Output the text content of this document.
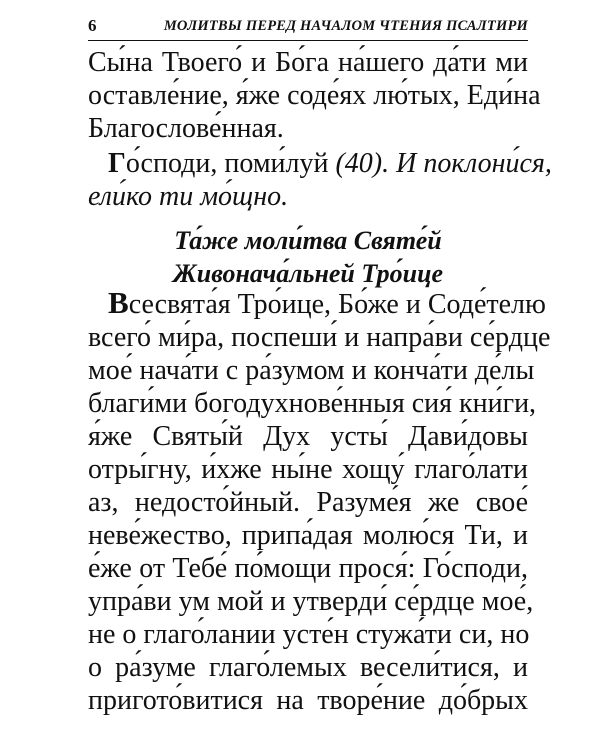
6	МОЛИТВЫ ПЕРЕД НАЧАЛОМ ЧТЕНИЯ ПСАЛТИРИ
Сы́на Твоего́ и Бо́га на́шего да́ти ми
оставле́ние, я́же соде́ях лю́тых, Еди́на
Благослове́нная.
Го́споди, поми́луй (40). И поклони́ся,
ели́ко ти мо́щно.
Та́же моли́тва Святе́й
Живонача́льней Тро́ице
Всесвята́я Тро́ице, Бо́же и Соде́телю
всего́ ми́ра, поспеши́ и напра́ви се́рдце
мое́ нача́ти с ра́зумом и конча́ти де́лы
благи́ми богодухнове́нныя сия́ кни́ги,
я́же Святы́й Дух усты́ Дави́довы
отры́гну, и́хже ны́не хощу́ глаго́лати
аз, недосто́йный. Разуме́я же свое́
неве́жество, припа́дая молю́ся Ти, и
е́же от Тебе́ по́мощи прося́: Го́споди,
упра́ви ум мой и утверди́ се́рдце мое́,
не о глаго́лании усте́н стужа́ти си, но
о ра́зуме глаго́лемых весели́тися, и
пригото́витися на творе́ние до́брых
